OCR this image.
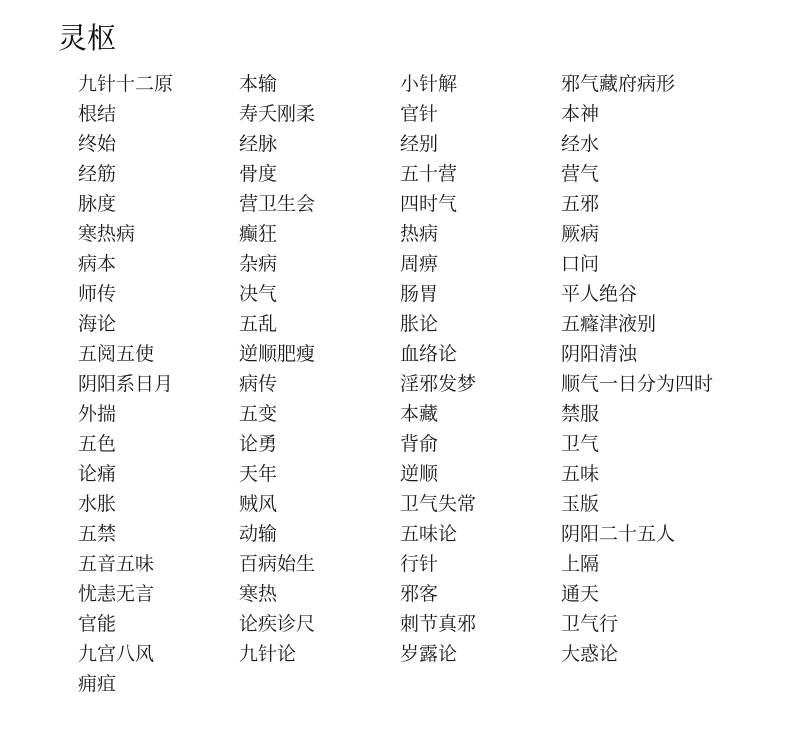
灵枢
九针十二原	本输	小针解	邪气藏府病形
根结	寿夭刚柔	官针	本神
终始	经脉	经别	经水
经筋	骨度	五十营	营气
脉度	营卫生会	四时气	五邪
寒热病	癫狂	热病	厥病
病本	杂病	周痹	口问
师传	决气	肠胃	平人绝谷
海论	五乱	胀论	五癃津液别
五阅五使	逆顺肥瘦	血络论	阴阳清浊
阴阳系日月	病传	淫邪发梦	顺气一日分为四时
外揣	五变	本藏	禁服
五色	论勇	背俞	卫气
论痛	天年	逆顺	五味
水胀	贼风	卫气失常	玉版
五禁	动输	五味论	阴阳二十五人
五音五味	百病始生	行针	上隔
忧恚无言	寒热	邪客	通天
官能	论疾诊尺	刺节真邪	卫气行
九宫八风	九针论	岁露论	大惑论
痈疽
